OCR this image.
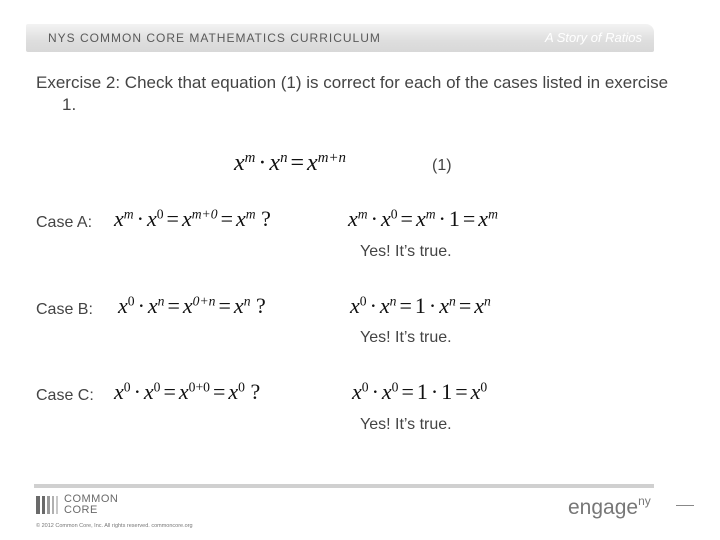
NYS COMMON CORE MATHEMATICS CURRICULUM	A Story of Ratios
Exercise 2: Check that equation (1) is correct for each of the cases listed in exercise 1.
$x^m \cdot x^n = x^{m+n}$	(1)
Case A: $x^m \cdot x^0 = x^{m+0} = x^m$ ?	$x^m \cdot x^0 = x^m \cdot 1 = x^m$
Yes! It’s true.
Case B: $x^0 \cdot x^n = x^{0+n} = x^n$ ?	$x^0 \cdot x^n = 1 \cdot x^n = x^n$
Yes! It’s true.
Case C: $x^0 \cdot x^0 = x^{0+0} = x^0$ ?	$x^0 \cdot x^0 = 1 \cdot 1 = x^0$
Yes! It’s true.
COMMON
CORE
© 2012 Common Core, Inc. All rights reserved. commoncore.org
engage$^{ny}$
